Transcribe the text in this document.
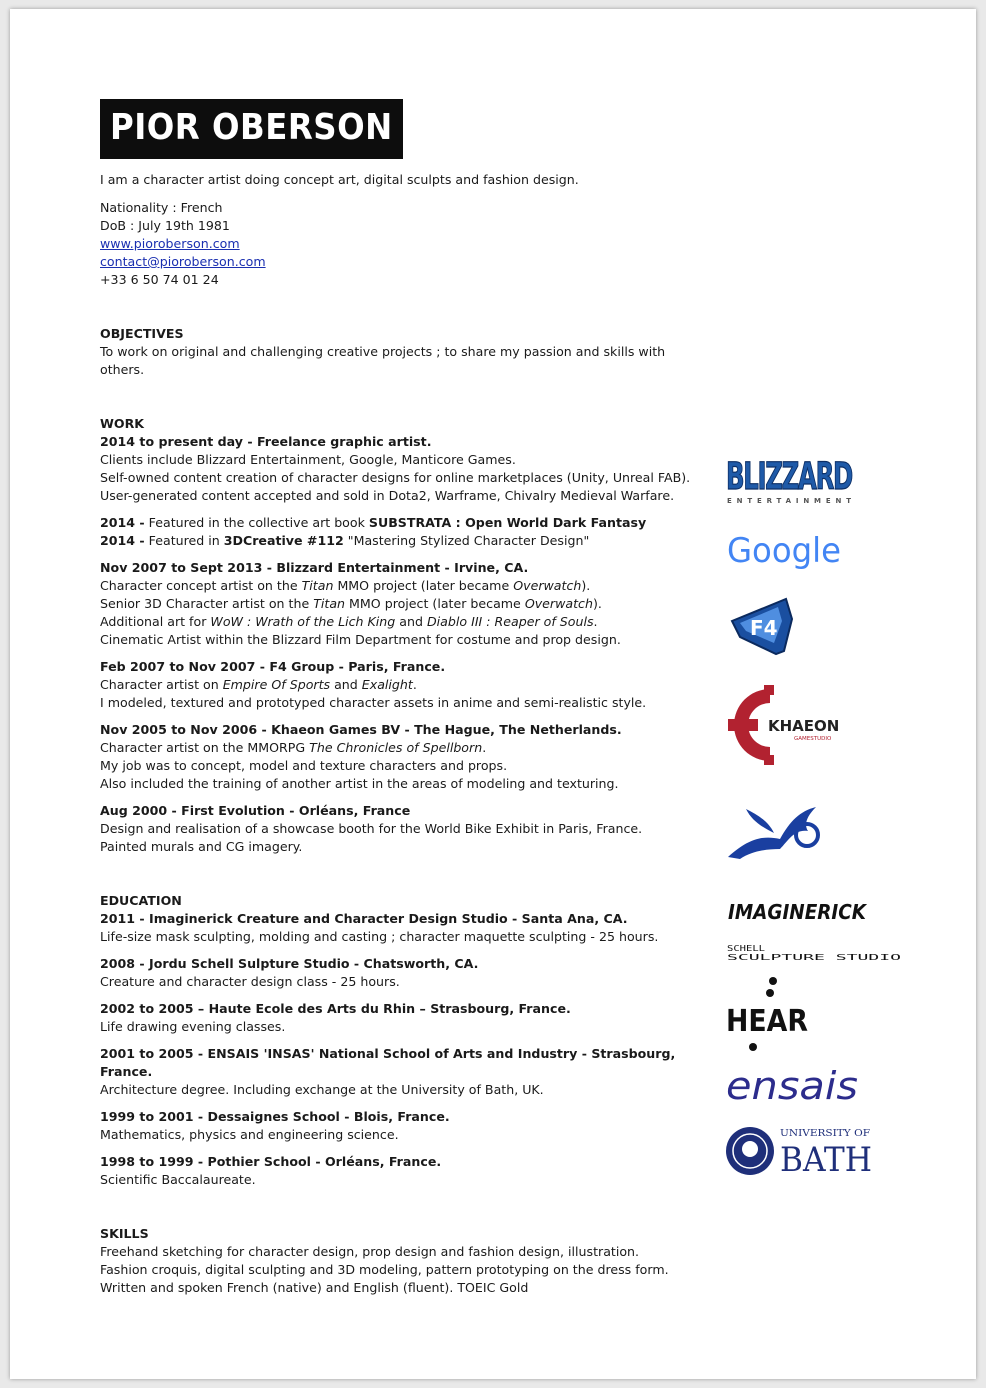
PIOR OBERSON

I am a character artist doing concept art, digital sculpts and fashion design.

Nationality : French

DoB : July 19th 1981

www.pioroberson.com

contact@pioroberson.com

+33 6 50 74 01 24

OBJECTIVES

To work on original and challenging creative projects ; to share my passion and skills with others.

WORK

2014 to present day - Freelance graphic artist.

Clients include Blizzard Entertainment, Google, Manticore Games.

Self-owned content creation of character designs for online marketplaces (Unity, Unreal FAB).

User-generated content accepted and sold in Dota2, Warframe, Chivalry Medieval Warfare.

2014 - Featured in the collective art book SUBSTRATA : Open World Dark Fantasy

2014 - Featured in 3DCreative #112 "Mastering Stylized Character Design"

Nov 2007 to Sept 2013 - Blizzard Entertainment - Irvine, CA.

Character concept artist on the Titan MMO project (later became Overwatch).

Senior 3D Character artist on the Titan MMO project (later became Overwatch).

Additional art for WoW : Wrath of the Lich King and Diablo III : Reaper of Souls.

Cinematic Artist within the Blizzard Film Department for costume and prop design.

Feb 2007 to Nov 2007 - F4 Group - Paris, France.

Character artist on Empire Of Sports and Exalight.

I modeled, textured and prototyped character assets in anime and semi-realistic style.

Nov 2005 to Nov 2006 - Khaeon Games BV - The Hague, The Netherlands.

Character artist on the MMORPG The Chronicles of Spellborn.

My job was to concept, model and texture characters and props.

Also included the training of another artist in the areas of modeling and texturing.

Aug 2000 - First Evolution - Orléans, France

Design and realisation of a showcase booth for the World Bike Exhibit in Paris, France.

Painted murals and CG imagery.

EDUCATION

2011 - Imaginerick Creature and Character Design Studio - Santa Ana, CA.

Life-size mask sculpting, molding and casting ; character maquette sculpting - 25 hours.

2008 - Jordu Schell Sulpture Studio - Chatsworth, CA.

Creature and character design class - 25 hours.

2002 to 2005 – Haute Ecole des Arts du Rhin – Strasbourg, France.

Life drawing evening classes.

2001 to 2005 - ENSAIS 'INSAS' National School of Arts and Industry - Strasbourg, France.

Architecture degree. Including exchange at the University of Bath, UK.

1999 to 2001 - Dessaignes School - Blois, France.

Mathematics, physics and engineering science.

1998 to 1999 - Pothier School - Orléans, France.

Scientific Baccalaureate.

SKILLS

Freehand sketching for character design, prop design and fashion design, illustration.

Fashion croquis, digital sculpting and 3D modeling, pattern prototyping on the dress form.

Written and spoken French (native) and English (fluent). TOEIC Gold

BLIZZARD
ENTERTAINMENT
Google
F4
KHAEON
GAMESTUDIO
IMAGINERICK
SCHELL
SCULPTURE STUDIO
HEAR
ensais
UNIVERSITY OF
BATH
